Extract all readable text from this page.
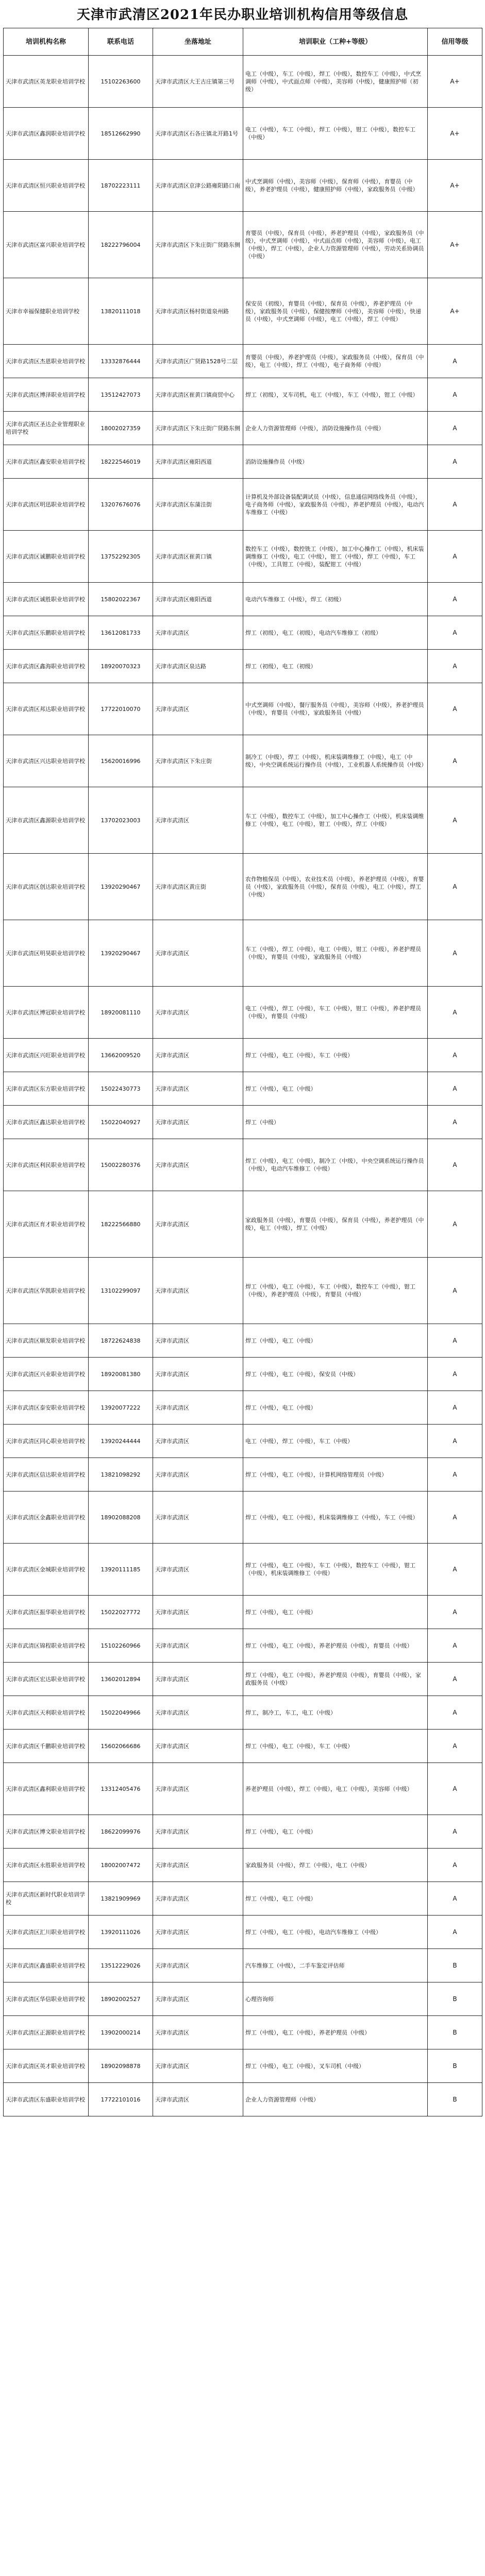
天津市武清区2021年民办职业培训机构信用等级信息
培训机构名称	联系电话	坐落地址	培训职业（工种+等级）	信用等级
天津市武清区英龙职业培训学校	15102263600	天津市武清区大王古庄镇第三号	电工（中级），车工（中级），焊工（中级），数控车工（中级），中式烹调师（中级），中式面点师（中级），美容师（中级），健康照护师（初级）	A+
天津市武清区鑫润职业培训学校	18512662990	天津市武清区石各庄镇北开路1号	电工（中级），车工（中级），焊工（中级），钳工（中级），数控车工（中级）	A+
天津市武清区恒兴职业培训学校	18702223111	天津市武清区京津公路雍阳路口南	中式烹调师（中级），美容师（中级），保育师（中级），育婴员（中级），养老护理员（中级），健康照护师（中级），家政服务员（中级）	A+
天津市武清区富兴职业培训学校	18222796004	天津市武清区下朱庄街广贤路东侧	育婴员（中级），保育员（中级），养老护理员（中级），家政服务员（中级），中式烹调师（中级），中式面点师（中级），美容师（中级），电工（中级），焊工（中级），企业人力资源管理师（中级），劳动关系协调员（中级）	A+
天津市幸福保健职业培训学校	13820111018	天津市武清区杨村街道泉州路	保安员（初级），育婴员（中级），保育员（中级），养老护理员（中级），家政服务员（中级），保健按摩师（中级），美容师（中级），快递员（中级），中式烹调师（中级），电工（中级），焊工（中级）	A+
天津市武清区杰恩职业培训学校	13332876444	天津市武清区广贤路1528号二层	育婴员（中级），养老护理员（中级），家政服务员（中级），保育员（中级），电工（中级），焊工（中级），电子商务师（中级）	A
天津市武清区博泽职业培训学校	13512427073	天津市武清区崔黄口镇商贸中心	焊工（初级），叉车司机，电工（中级），车工（中级），钳工（中级）	A
天津市武清区圣达企业管理职业培训学校	18002027359	天津市武清区下朱庄街广贤路东侧	企业人力资源管理师（中级），消防设施操作员（中级）	A
天津市武清区鑫安职业培训学校	18222546019	天津市武清区雍阳西道	消防设施操作员（中级）	A
天津市武清区明迅职业培训学校	13207676076	天津市武清区东蒲洼街	计算机及外部设备装配调试员（中级），信息通信网络线务员（中级），电子商务师（中级），家政服务员（中级），养老护理员（中级），电动汽车维修工（中级）	A
天津市武清区诚鹏职业培训学校	13752292305	天津市武清区崔黄口镇	数控车工（中级），数控铣工（中级），加工中心操作工（中级），机床装调维修工（中级），电工（中级），钳工（中级），焊工（中级），车工（中级），工具钳工（中级），装配钳工（中级）	A
天津市武清区诚胜职业培训学校	15802022367	天津市武清区雍阳西道	电动汽车维修工（中级），焊工（初级）	A
天津市武清区乐鹏职业培训学校	13612081733	天津市武清区	焊工（初级），电工（初级），电动汽车维修工（初级）	A
天津市武清区鑫海职业培训学校	18920070323	天津市武清区泉达路	焊工（初级），电工（初级）	A
天津市武清区邦达职业培训学校	17722010070	天津市武清区	中式烹调师（中级），餐厅服务员（中级），美容师（中级），养老护理员（中级），育婴员（中级），家政服务员（中级）	A
天津市武清区兴达职业培训学校	15620016996	天津市武清区下朱庄街	制冷工（中级），焊工（中级），机床装调维修工（中级），电工（中级），中央空调系统运行操作员（中级），工业机器人系统操作员（中级）	A
天津市武清区鑫源职业培训学校	13702023003	天津市武清区	车工（中级），数控车工（中级），加工中心操作工（中级），机床装调维修工（中级），电工（中级），钳工（中级），焊工（中级）	A
天津市武清区创达职业培训学校	13920290467	天津市武清区黄庄街	农作物植保员（中级），农业技术员（中级），养老护理员（中级），育婴员（中级），家政服务员（中级），保育员（中级），电工（中级），焊工（中级）	A
天津市武清区明昊职业培训学校	13920290467	天津市武清区	车工（中级），焊工（中级），电工（中级），钳工（中级），养老护理员（中级），育婴员（中级），家政服务员（中级）	A
天津市武清区博冠职业培训学校	18920081110	天津市武清区	电工（中级），焊工（中级），车工（中级），钳工（中级），养老护理员（中级），育婴员（中级）	A
天津市武清区兴旺职业培训学校	13662009520	天津市武清区	焊工（中级），电工（中级），车工（中级）	A
天津市武清区东方职业培训学校	15022430773	天津市武清区	焊工（中级），电工（中级）	A
天津市武清区鑫达职业培训学校	15022040927	天津市武清区	焊工（中级）	A
天津市武清区利民职业培训学校	15002280376	天津市武清区	焊工（中级），电工（中级），制冷工（中级），中央空调系统运行操作员（中级），电动汽车维修工（中级）	A
天津市武清区育才职业培训学校	18222566880	天津市武清区	家政服务员（中级），育婴员（中级），保育员（中级），养老护理员（中级），电工（中级），焊工（中级）	A
天津市武清区华凯职业培训学校	13102299097	天津市武清区	焊工（中级），电工（中级），车工（中级），数控车工（中级），钳工（中级），养老护理员（中级），育婴员（中级）	A
天津市武清区顺发职业培训学校	18722624838	天津市武清区	焊工（中级），电工（中级）	A
天津市武清区兴业职业培训学校	18920081380	天津市武清区	焊工（中级），电工（中级），保安员（中级）	A
天津市武清区泰安职业培训学校	13920077222	天津市武清区	焊工（中级），电工（中级）	A
天津市武清区同心职业培训学校	13920244444	天津市武清区	电工（中级），焊工（中级），车工（中级）	A
天津市武清区信达职业培训学校	13821098292	天津市武清区	焊工（中级），电工（中级），计算机网络管理员（中级）	A
天津市武清区金鑫职业培训学校	18902088208	天津市武清区	焊工（中级），电工（中级），机床装调维修工（中级），车工（中级）	A
天津市武清区金城职业培训学校	13920111185	天津市武清区	焊工（中级），电工（中级），车工（中级），数控车工（中级），钳工（中级），机床装调维修工（中级）	A
天津市武清区振华职业培训学校	15022027772	天津市武清区	焊工（中级），电工（中级）	A
天津市武清区锦程职业培训学校	15102260966	天津市武清区	焊工（中级），电工（中级），养老护理员（中级），育婴员（中级）	A
天津市武清区宏达职业培训学校	13602012894	天津市武清区	焊工（中级），电工（中级），养老护理员（中级），育婴员（中级），家政服务员（中级）	A
天津市武清区天利职业培训学校	15022049966	天津市武清区	焊工，制冷工，车工，电工（中级）	A
天津市武清区千鹏职业培训学校	15602066686	天津市武清区	焊工（中级），电工（中级），车工（中级）	A
天津市武清区鑫利职业培训学校	13312405476	天津市武清区	养老护理员（中级），焊工（中级），电工（中级），美容师（中级）	A
天津市武清区博文职业培训学校	18622099976	天津市武清区	焊工（中级），电工（中级）	A
天津市武清区永胜职业培训学校	18002007472	天津市武清区	家政服务员（中级），焊工（中级），电工（中级）	A
天津市武清区新时代职业培训学校	13821909969	天津市武清区	焊工（中级），电工（中级）	A
天津市武清区汇川职业培训学校	13920111026	天津市武清区	焊工（中级），电工（中级），电动汽车维修工（中级）	A
天津市武清区鑫盛职业培训学校	13512229026	天津市武清区	汽车维修工（中级），二手车鉴定评估师	B
天津市武清区华信职业培训学校	18902002527	天津市武清区	心理咨询师	B
天津市武清区正源职业培训学校	13902000214	天津市武清区	焊工（中级），电工（中级），养老护理员（中级）	B
天津市武清区英才职业培训学校	18902098878	天津市武清区	焊工（中级），电工（中级），叉车司机（中级）	B
天津市武清区东盛职业培训学校	17722101016	天津市武清区	企业人力资源管理师（中级）	B
